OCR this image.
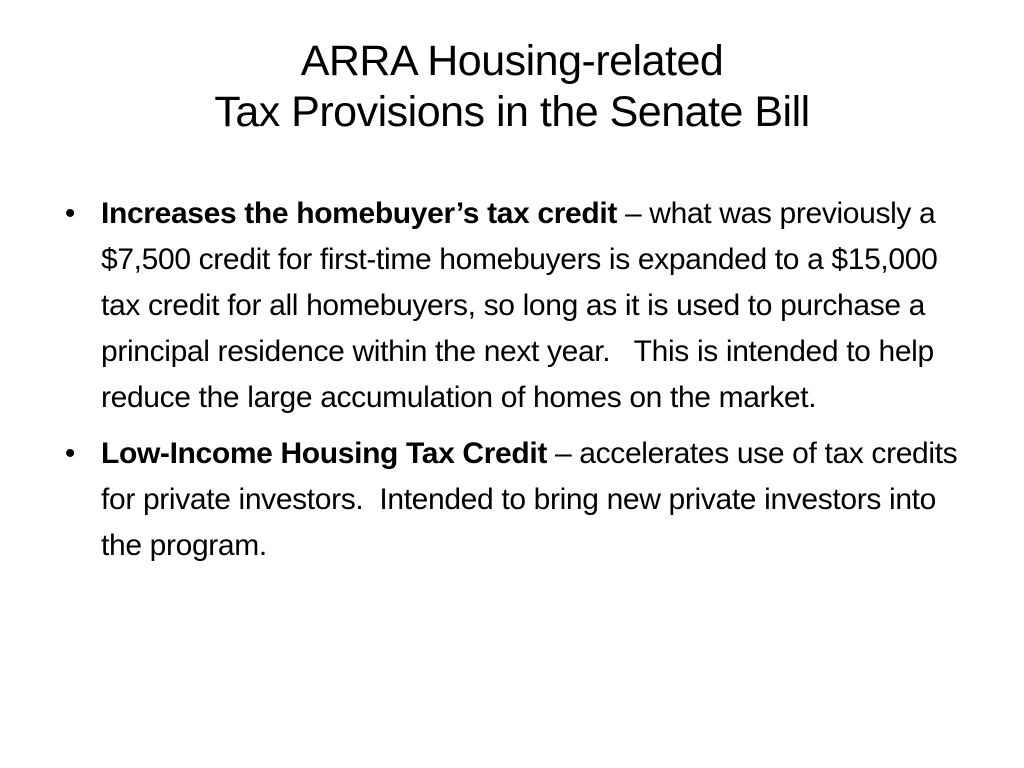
ARRA Housing-related
Tax Provisions in the Senate Bill
• Increases the homebuyer’s tax credit – what was previously a $7,500 credit for first-time homebuyers is expanded to a $15,000 tax credit for all homebuyers, so long as it is used to purchase a principal residence within the next year.   This is intended to help reduce the large accumulation of homes on the market.
• Low-Income Housing Tax Credit – accelerates use of tax credits for private investors.  Intended to bring new private investors into the program.
